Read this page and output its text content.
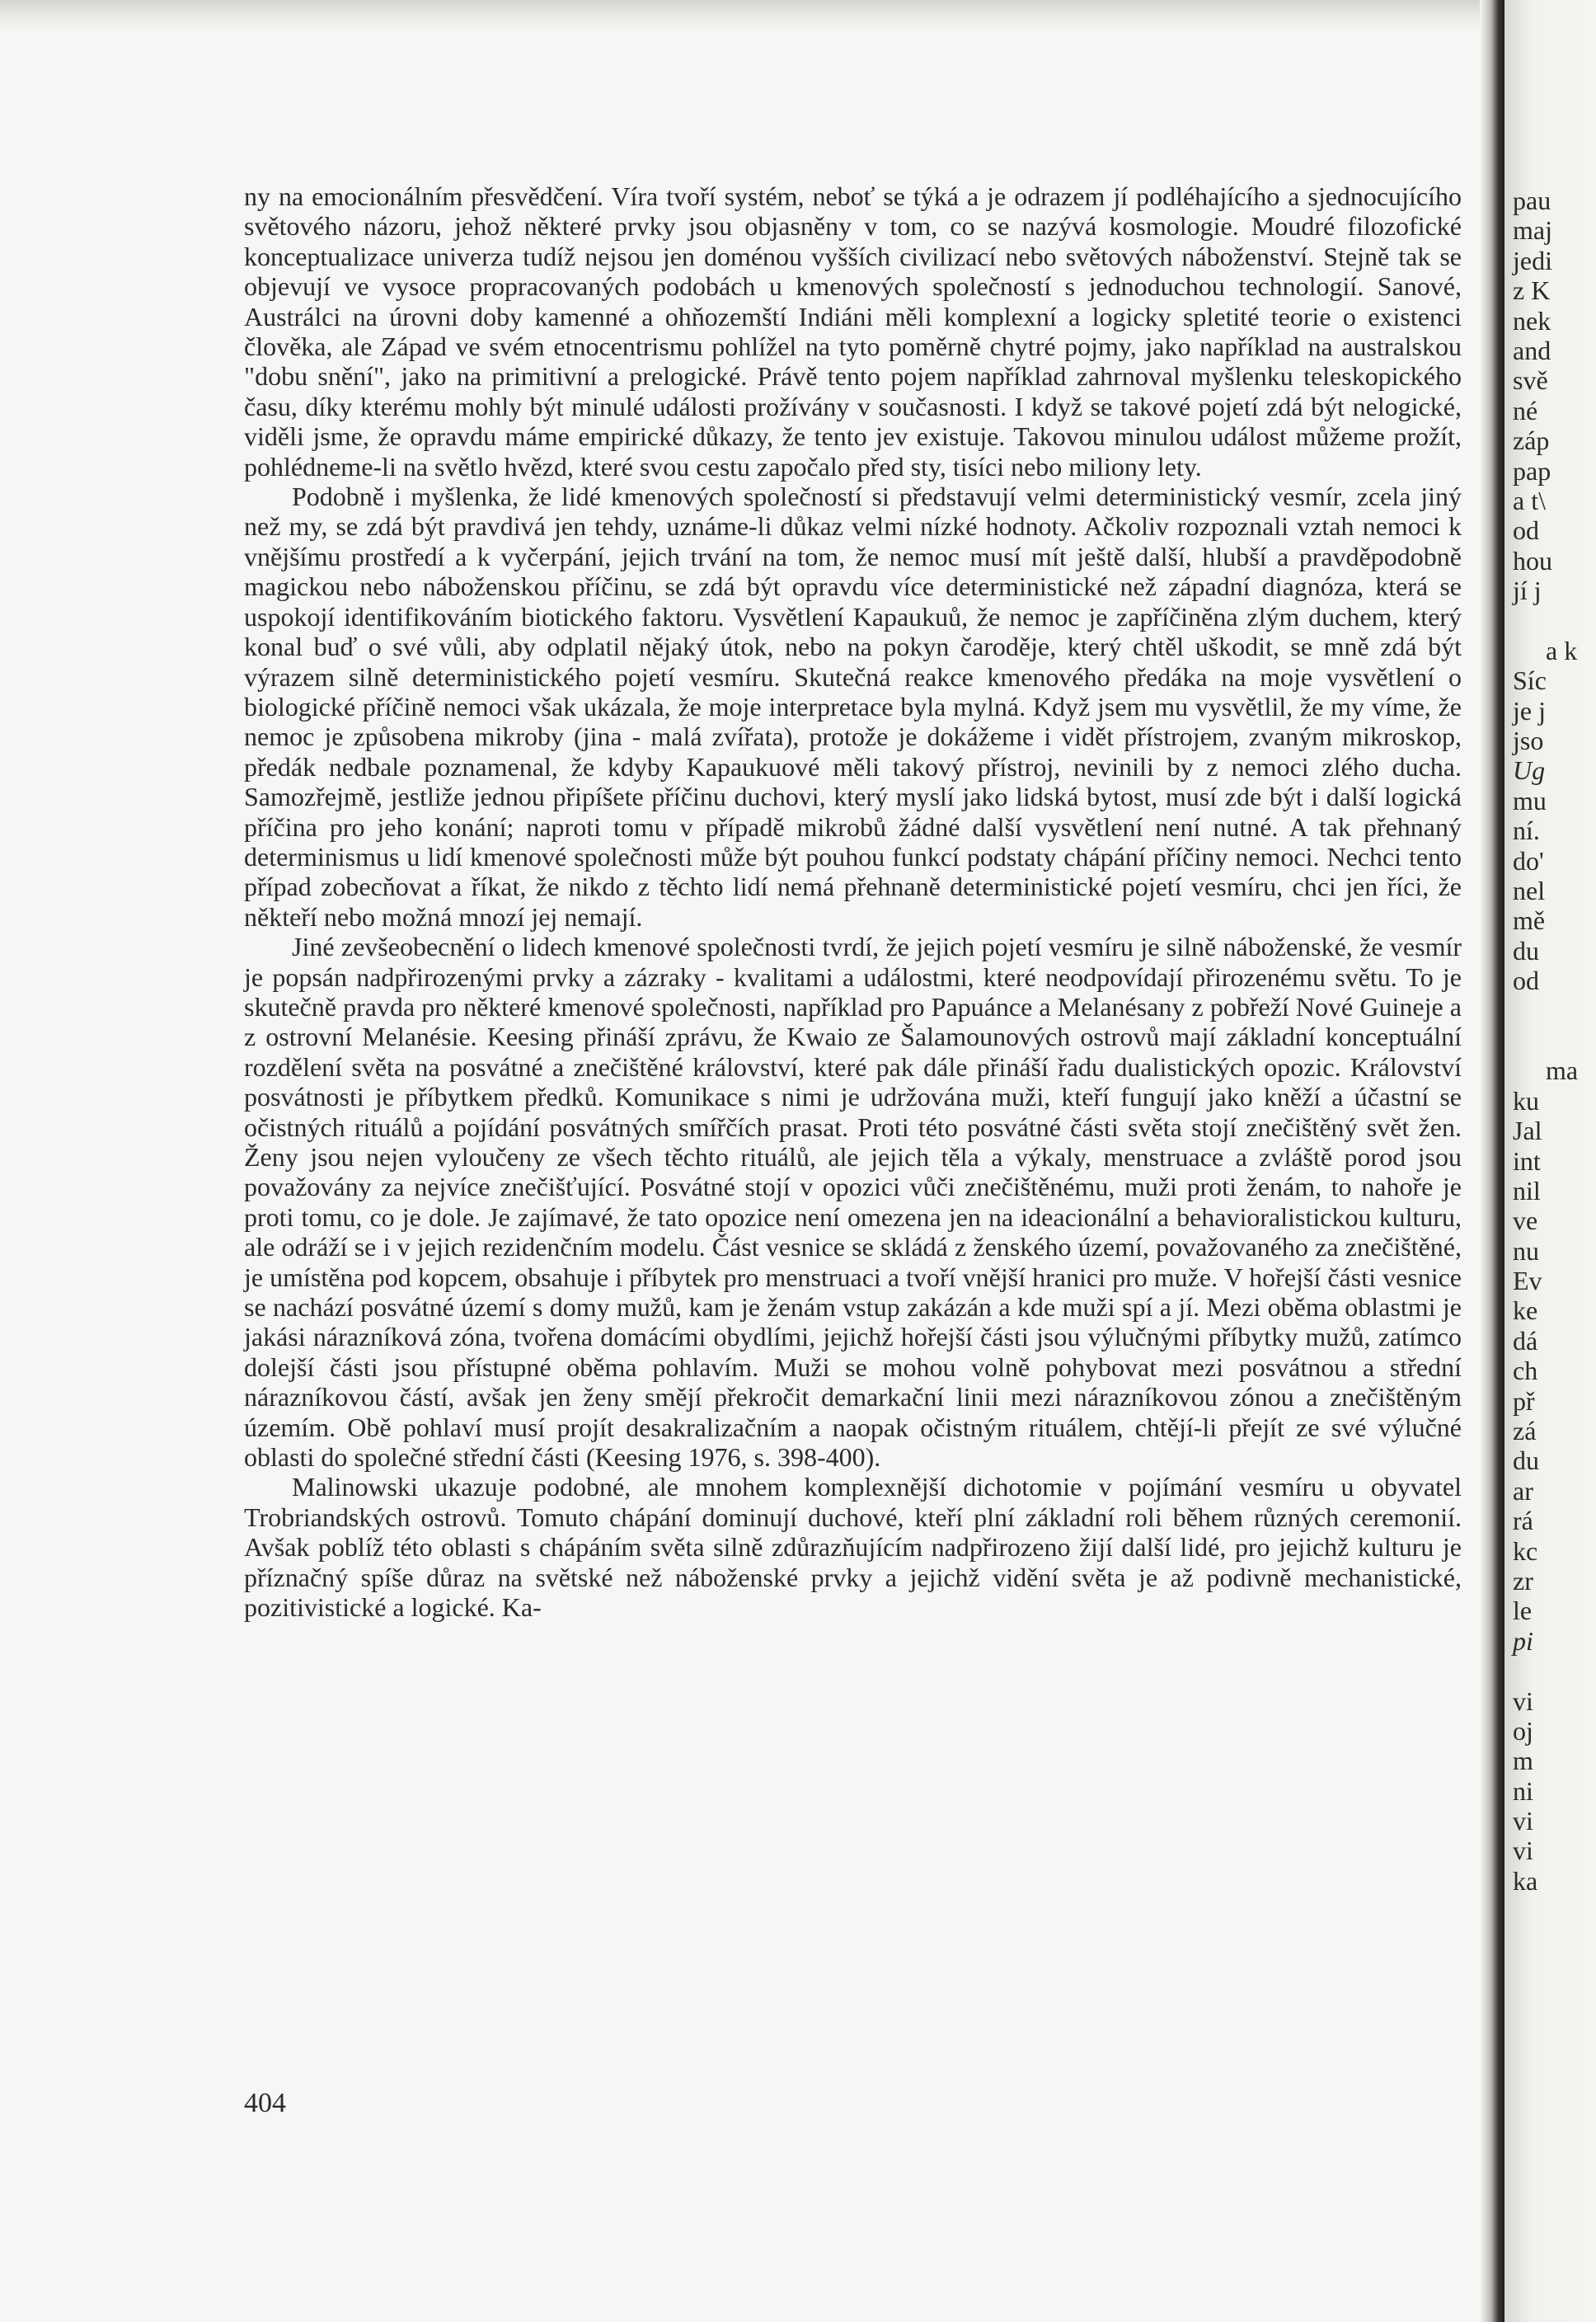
ny na emocionálním přesvědčení. Víra tvoří systém, neboť se týká a je odrazem jí podléhajícího a sjednocujícího světového názoru, jehož některé prvky jsou objasněny v tom, co se nazývá kosmologie. Moudré filozofické konceptualizace univerza tudíž nejsou jen doménou vyšších civilizací nebo světových náboženství. Stejně tak se objevují ve vysoce propracovaných podobách u kmenových společností s jednoduchou technologií. Sanové, Austrálci na úrovni doby kamenné a ohňozemští Indiáni měli komplexní a logicky spletité teorie o existenci člověka, ale Západ ve svém etnocentrismu pohlížel na tyto poměrně chytré pojmy, jako například na australskou "dobu snění", jako na primitivní a prelogické. Právě tento pojem například zahrnoval myšlenku teleskopického času, díky kterému mohly být minulé události prožívány v současnosti. I když se takové pojetí zdá být nelogické, viděli jsme, že opravdu máme empirické důkazy, že tento jev existuje. Takovou minulou událost můžeme prožít, pohlédneme-li na světlo hvězd, které svou cestu započalo před sty, tisíci nebo miliony lety.

Podobně i myšlenka, že lidé kmenových společností si představují velmi deterministický vesmír, zcela jiný než my, se zdá být pravdivá jen tehdy, uznáme-li důkaz velmi nízké hodnoty. Ačkoliv rozpoznali vztah nemoci k vnějšímu prostředí a k vyčerpání, jejich trvání na tom, že nemoc musí mít ještě další, hlubší a pravděpodobně magickou nebo náboženskou příčinu, se zdá být opravdu více deterministické než západní diagnóza, která se uspokojí identifikováním biotického faktoru. Vysvětlení Kapaukuů, že nemoc je zapříčiněna zlým duchem, který konal buď o své vůli, aby odplatil nějaký útok, nebo na pokyn čaroděje, který chtěl uškodit, se mně zdá být výrazem silně deterministického pojetí vesmíru. Skutečná reakce kmenového předáka na moje vysvětlení o biologické příčině nemoci však ukázala, že moje interpretace byla mylná. Když jsem mu vysvětlil, že my víme, že nemoc je způsobena mikroby (jina - malá zvířata), protože je dokážeme i vidět přístrojem, zvaným mikroskop, předák nedbale poznamenal, že kdyby Kapaukuové měli takový přístroj, nevinili by z nemoci zlého ducha. Samozřejmě, jestliže jednou připíšete příčinu duchovi, který myslí jako lidská bytost, musí zde být i další logická příčina pro jeho konání; naproti tomu v případě mikrobů žádné další vysvětlení není nutné. A tak přehnaný determinismus u lidí kmenové společnosti může být pouhou funkcí podstaty chápání příčiny nemoci. Nechci tento případ zobecňovat a říkat, že nikdo z těchto lidí nemá přehnaně deterministické pojetí vesmíru, chci jen říci, že někteří nebo možná mnozí jej nemají.

Jiné zevšeobecnění o lidech kmenové společnosti tvrdí, že jejich pojetí vesmíru je silně náboženské, že vesmír je popsán nadpřirozenými prvky a zázraky - kvalitami a událostmi, které neodpovídají přirozenému světu. To je skutečně pravda pro některé kmenové společnosti, například pro Papuánce a Melanésany z pobřeží Nové Guineje a z ostrovní Melanésie. Keesing přináší zprávu, že Kwaio ze Šalamounových ostrovů mají základní konceptuální rozdělení světa na posvátné a znečištěné království, které pak dále přináší řadu dualistických opozic. Království posvátnosti je příbytkem předků. Komunikace s nimi je udržována muži, kteří fungují jako kněží a účastní se očistných rituálů a pojídání posvátných smířčích prasat. Proti této posvátné části světa stojí znečištěný svět žen. Ženy jsou nejen vyloučeny ze všech těchto rituálů, ale jejich těla a výkaly, menstruace a zvláště porod jsou považovány za nejvíce znečišťující. Posvátné stojí v opozici vůči znečištěnému, muži proti ženám, to nahoře je proti tomu, co je dole. Je zajímavé, že tato opozice není omezena jen na ideacionální a behavioralistickou kulturu, ale odráží se i v jejich rezidenčním modelu. Část vesnice se skládá z ženského území, považovaného za znečištěné, je umístěna pod kopcem, obsahuje i příbytek pro menstruaci a tvoří vnější hranici pro muže. V hořejší části vesnice se nachází posvátné území s domy mužů, kam je ženám vstup zakázán a kde muži spí a jí. Mezi oběma oblastmi je jakási nárazníková zóna, tvořena domácími obydlími, jejichž hořejší části jsou výlučnými příbytky mužů, zatímco dolejší části jsou přístupné oběma pohlavím. Muži se mohou volně pohybovat mezi posvátnou a střední nárazníkovou částí, avšak jen ženy smějí překročit demarkační linii mezi nárazníkovou zónou a znečištěným územím. Obě pohlaví musí projít desakralizačním a naopak očistným rituálem, chtějí-li přejít ze své výlučné oblasti do společné střední části (Keesing 1976, s. 398-400).

Malinowski ukazuje podobné, ale mnohem komplexnější dichotomie v pojímání vesmíru u obyvatel Trobriandských ostrovů. Tomuto chápání dominují duchové, kteří plní základní roli během různých ceremonií. Avšak poblíž této oblasti s chápáním světa silně zdůrazňujícím nadpřirozeno žijí další lidé, pro jejichž kulturu je příznačný spíše důraz na světské než náboženské prvky a jejichž vidění světa je až podivně mechanistické, pozitivistické a logické. Ka-

404
pau
maj
jedi
z K
nek
and
svě
né
záp
pap
a t\
od
hou
jí j
a k
Síc
je j
jso
Ug
mu
ní.
do'
nel
mě
du
od
ma
ku
Jal
int
nil
ve
nu
Ev
ke
dá
ch
př
zá
du
ar
rá
kc
zr
le
pi
vi
oj
m
ni
vi
vi
ka
